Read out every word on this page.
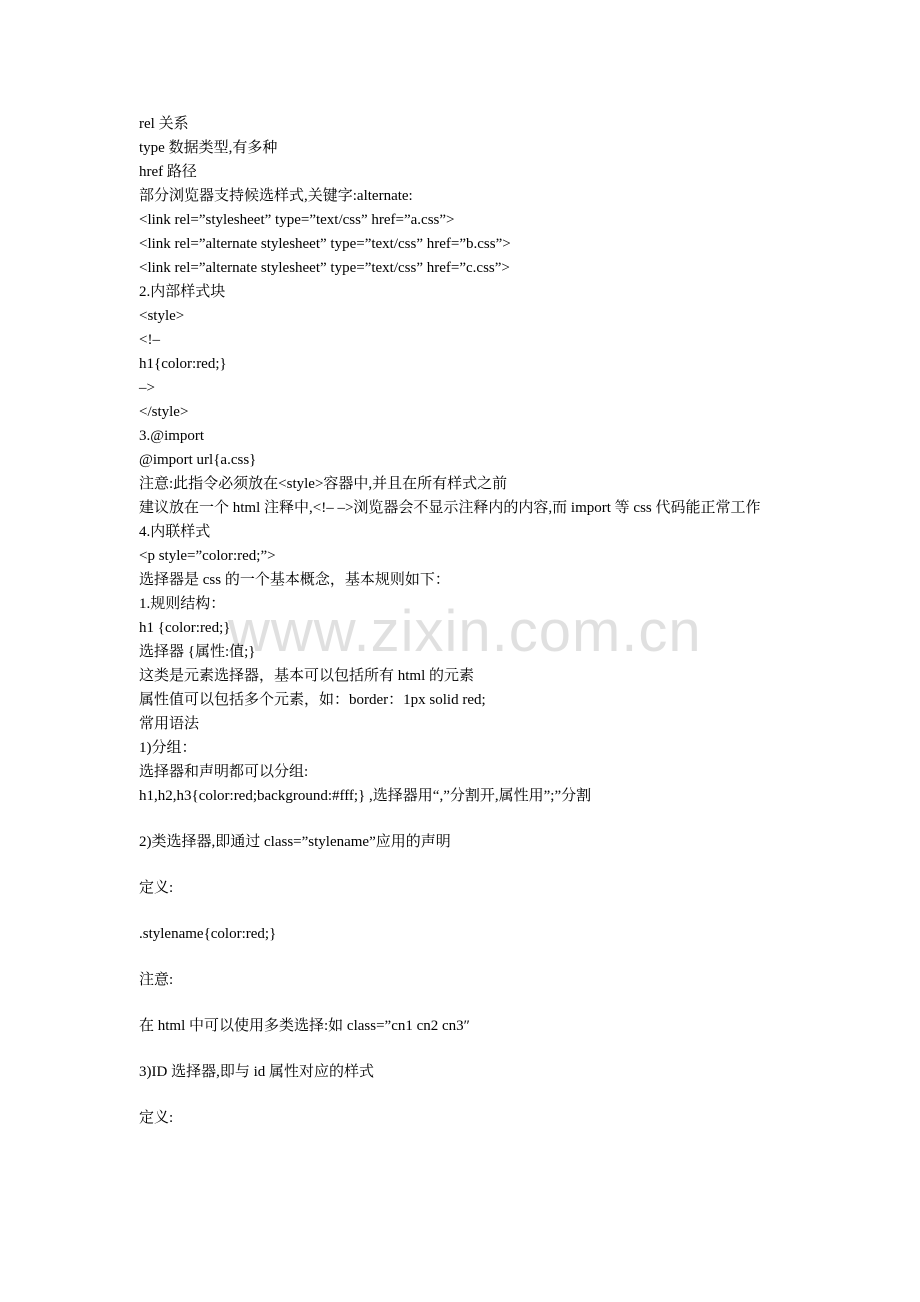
www.zixin.com.cn
rel 关系
type 数据类型,有多种
href 路径
部分浏览器支持候选样式,关键字:alternate:
<link rel=”stylesheet” type=”text/css” href=”a.css”>
<link rel=”alternate stylesheet” type=”text/css” href=”b.css”>
<link rel=”alternate stylesheet” type=”text/css” href=”c.css”>
2.内部样式块
<style>
<!–
h1{color:red;}
–>
</style>
3.@import
@import url{a.css}
注意:此指令必须放在<style>容器中,并且在所有样式之前
建议放在一个 html 注释中,<!– –>浏览器会不显示注释内的内容,而 import 等 css 代码能正常工作
4.内联样式
<p style=”color:red;”>
选择器是 css 的一个基本概念，基本规则如下：
1.规则结构：
h1 {color:red;}
选择器 {属性:值;}
这类是元素选择器，基本可以包括所有 html 的元素
属性值可以包括多个元素，如：border：1px solid red;
常用语法
1)分组：
选择器和声明都可以分组:
h1,h2,h3{color:red;background:#fff;} ,选择器用“,”分割开,属性用”;”分割
2)类选择器,即通过 class=”stylename”应用的声明
定义:
.stylename{color:red;}
注意:
在 html 中可以使用多类选择:如 class=”cn1 cn2 cn3″
3)ID 选择器,即与 id 属性对应的样式
定义:
